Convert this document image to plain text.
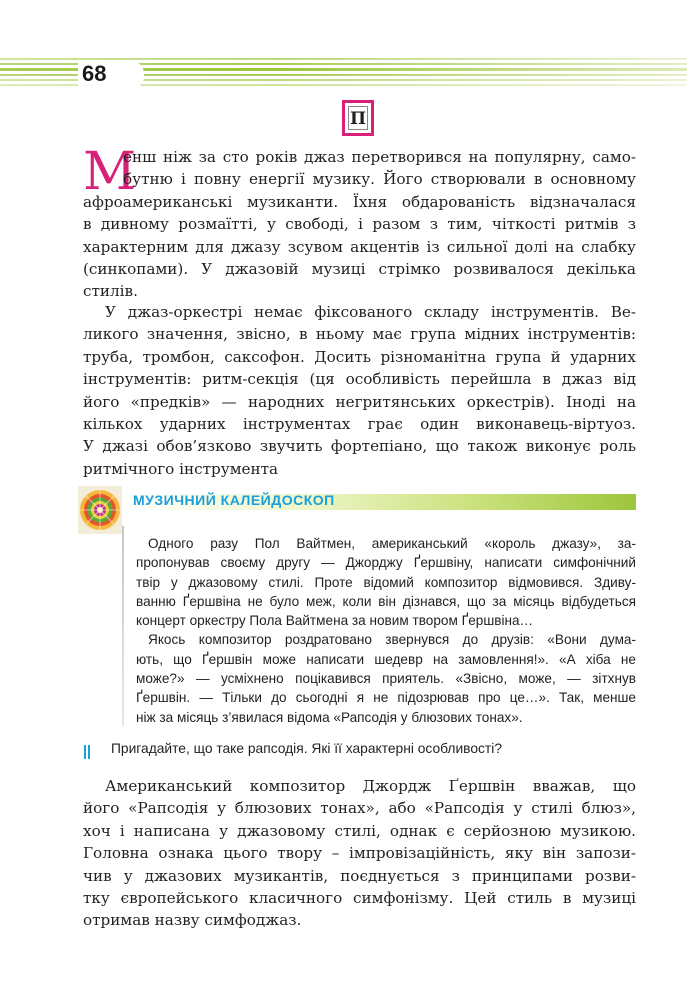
68
П
М
енш ніж за сто років джаз перетворився на популярну, само-
бутню і повну енергії музику. Його створювали в основному
афроамериканські музиканти. Їхня обдарованість відзначалася
в дивному розмаїтті, у свободі, і разом з тим, чіткості ритмів з
характерним для джазу зсувом акцентів із сильної долі на слабку
(синкопами). У джазовій музиці стрімко розвивалося декілька
стилів.
У джаз-оркестрі немає фіксованого складу інструментів. Ве-
ликого значення, звісно, в ньому має група мідних інструментів:
труба, тромбон, саксофон. Досить різноманітна група й ударних
інструментів: ритм-секція (ця особливість перейшла в джаз від
його «предків» — народних негритянських оркестрів). Іноді на
кількох ударних інструментах грає один виконавець-віртуоз.
У джазі обов’язково звучить фортепіано, що також виконує роль
ритмічного інструмента
МУЗИЧНИЙ КАЛЕЙДОСКОП
Одного разу Пол Вайтмен, американський «король джазу», за-
пропонував своєму другу — Джорджу Ґершвіну, написати симфонічний
твір у джазовому стилі. Проте відомий композитор відмовився. Здиву-
ванню Ґершвіна не було меж, коли він дізнався, що за місяць відбудеться
концерт оркестру Пола Вайтмена за новим твором Ґершвіна…
Якось композитор роздратовано звернувся до друзів: «Вони дума-
ють, що Ґершвін може написати шедевр на замовлення!». «А хіба не
може?» — усміхнено поцікавився приятель. «Звісно, може, — зітхнув
Ґершвін. — Тільки до сьогодні я не підозрював про це…». Так, менше
ніж за місяць з’явилася відома «Рапсодія у блюзових тонах».
Пригадайте, що таке рапсодія. Які її характерні особливості?
Американський композитор Джордж Ґершвін вважав, що
його «Рапсодія у блюзових тонах», або «Рапсодія у стилі блюз»,
хоч і написана у джазовому стилі, однак є серйозною музикою.
Головна ознака цього твору – імпровізаційність, яку він запози-
чив у джазових музикантів, поєднується з принципами розви-
тку європейського класичного симфонізму. Цей стиль в музиці
отримав назву симфоджаз.
